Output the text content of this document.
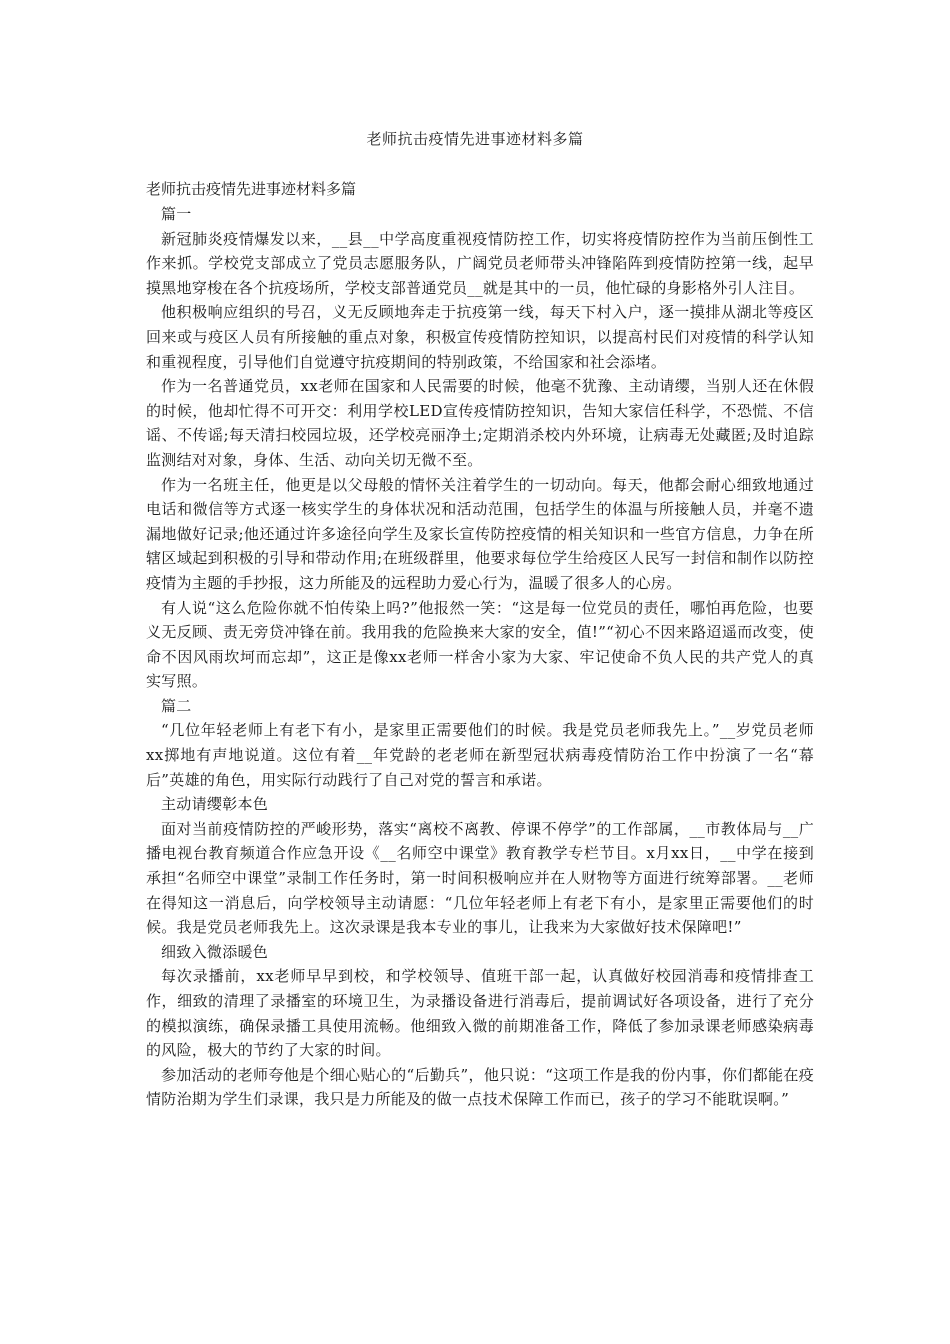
老师抗击疫情先进事迹材料多篇

老师抗击疫情先进事迹材料多篇

篇一

新冠肺炎疫情爆发以来，__县__中学高度重视疫情防控工作，切实将疫情防控作为当前压倒性工作来抓。学校党支部成立了党员志愿服务队，广阔党员老师带头冲锋陷阵到疫情防控第一线，起早摸黑地穿梭在各个抗疫场所，学校支部普通党员__就是其中的一员，他忙碌的身影格外引人注目。

他积极响应组织的号召，义无反顾地奔走于抗疫第一线，每天下村入户，逐一摸排从湖北等疫区回来或与疫区人员有所接触的重点对象，积极宣传疫情防控知识，以提高村民们对疫情的科学认知和重视程度，引导他们自觉遵守抗疫期间的特别政策，不给国家和社会添堵。

作为一名普通党员，xx老师在国家和人民需要的时候，他毫不犹豫、主动请缨，当别人还在休假的时候，他却忙得不可开交：利用学校LED宣传疫情防控知识，告知大家信任科学，不恐慌、不信谣、不传谣;每天清扫校园垃圾，还学校亮丽净土;定期消杀校内外环境，让病毒无处藏匿;及时追踪监测结对对象，身体、生活、动向关切无微不至。

作为一名班主任，他更是以父母般的情怀关注着学生的一切动向。每天，他都会耐心细致地通过电话和微信等方式逐一核实学生的身体状况和活动范围，包括学生的体温与所接触人员，并毫不遗漏地做好记录;他还通过许多途径向学生及家长宣传防控疫情的相关知识和一些官方信息，力争在所辖区域起到积极的引导和带动作用;在班级群里，他要求每位学生给疫区人民写一封信和制作以防控疫情为主题的手抄报，这力所能及的远程助力爱心行为，温暖了很多人的心房。

有人说“这么危险你就不怕传染上吗?”他报然一笑：“这是每一位党员的责任，哪怕再危险，也要义无反顾、责无旁贷冲锋在前。我用我的危险换来大家的安全，值!”“初心不因来路迢遥而改变，使命不因风雨坎坷而忘却”，这正是像xx老师一样舍小家为大家、牢记使命不负人民的共产党人的真实写照。

篇二

“几位年轻老师上有老下有小，是家里正需要他们的时候。我是党员老师我先上。”__岁党员老师xx掷地有声地说道。这位有着__年党龄的老老师在新型冠状病毒疫情防治工作中扮演了一名“幕后”英雄的角色，用实际行动践行了自己对党的誓言和承诺。

主动请缨彰本色

面对当前疫情防控的严峻形势，落实“离校不离教、停课不停学”的工作部属，__市教体局与__广播电视台教育频道合作应急开设《__名师空中课堂》教育教学专栏节目。x月xx日，__中学在接到承担“名师空中课堂”录制工作任务时，第一时间积极响应并在人财物等方面进行统筹部署。__老师在得知这一消息后，向学校领导主动请愿：“几位年轻老师上有老下有小，是家里正需要他们的时候。我是党员老师我先上。这次录课是我本专业的事儿，让我来为大家做好技术保障吧!”

细致入微添暖色

每次录播前，xx老师早早到校，和学校领导、值班干部一起，认真做好校园消毒和疫情排查工作，细致的清理了录播室的环境卫生，为录播设备进行消毒后，提前调试好各项设备，进行了充分的模拟演练，确保录播工具使用流畅。他细致入微的前期准备工作，降低了参加录课老师感染病毒的风险，极大的节约了大家的时间。

参加活动的老师夸他是个细心贴心的“后勤兵”，他只说：“这项工作是我的份内事，你们都能在疫情防治期为学生们录课，我只是力所能及的做一点技术保障工作而已，孩子的学习不能耽误啊。”
